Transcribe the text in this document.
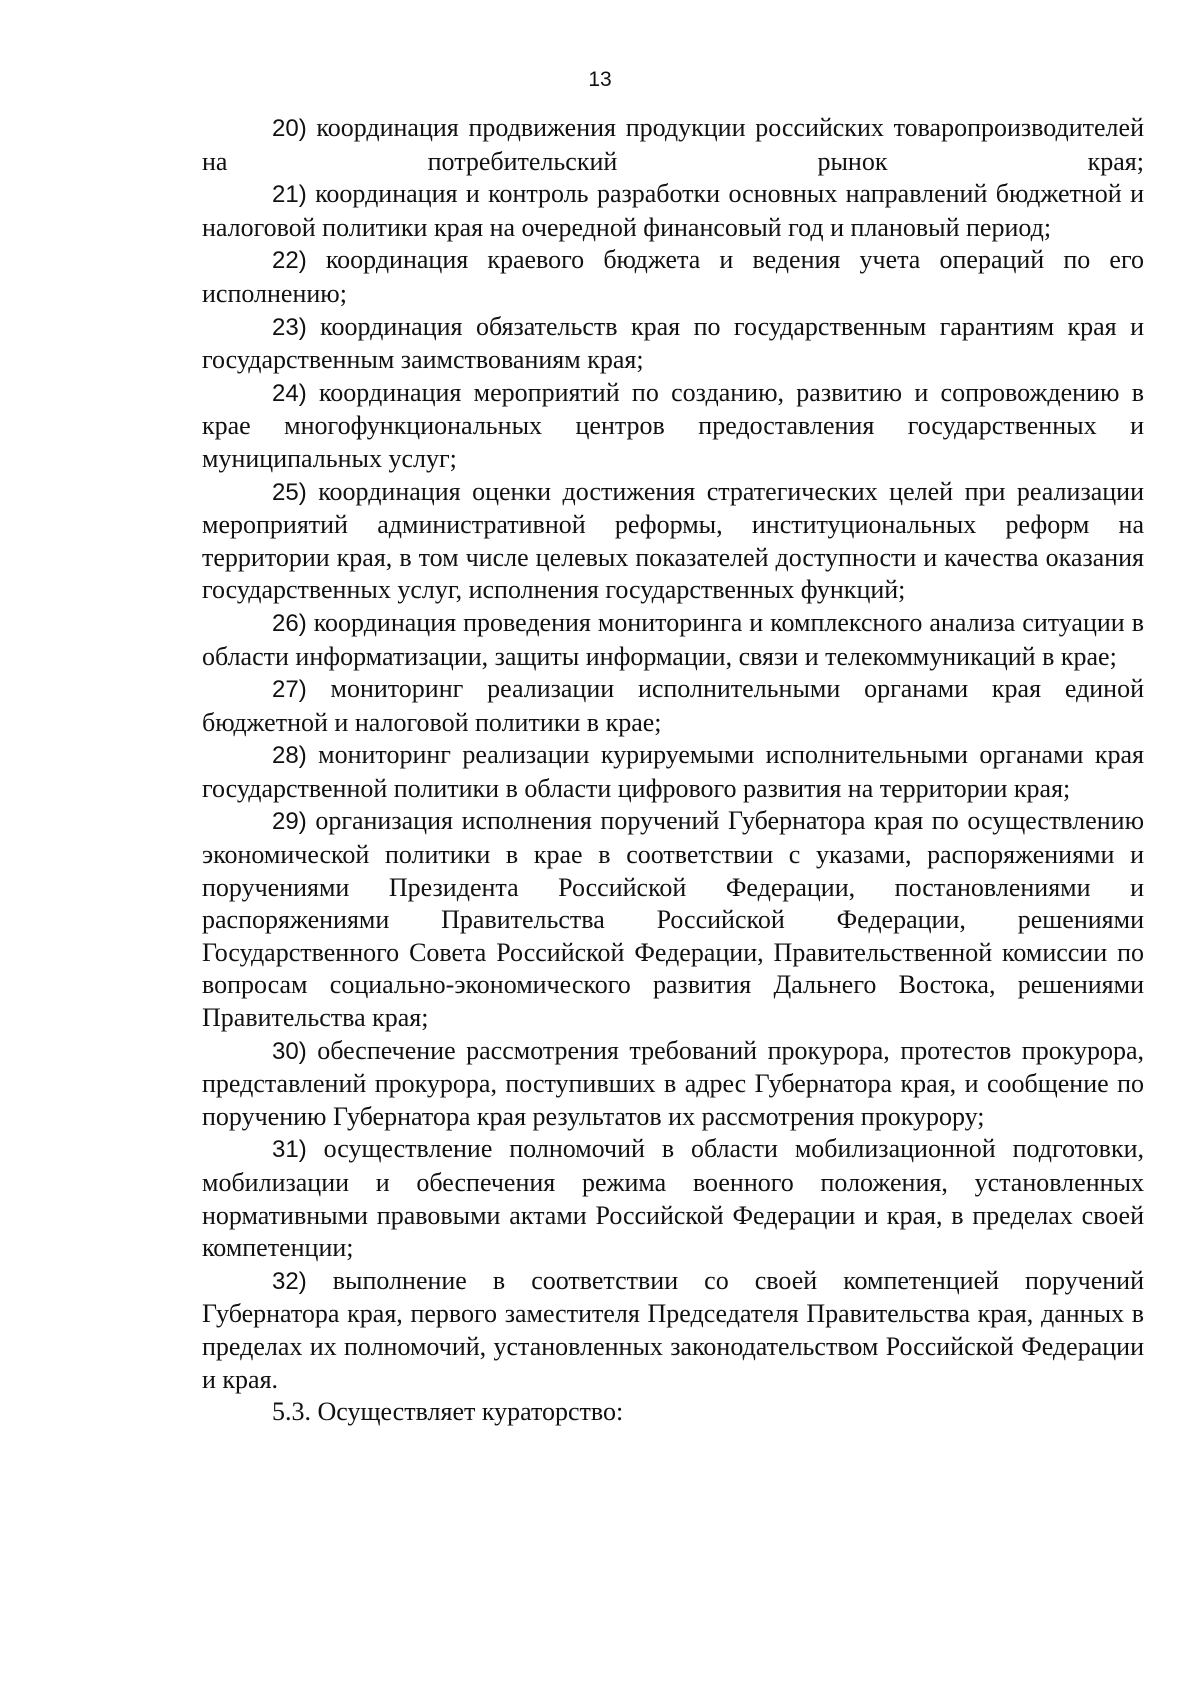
13

20) координация продвижения продукции российских товаропроизводителей на потребительский рынок края;

21) координация и контроль разработки основных направлений бюджетной и налоговой политики края на очередной финансовый год и плановый период;

22) координация краевого бюджета и ведения учета операций по его исполнению;

23) координация обязательств края по государственным гарантиям края и государственным заимствованиям края;

24) координация мероприятий по созданию, развитию и сопровождению в крае многофункциональных центров предоставления государственных и муниципальных услуг;

25) координация оценки достижения стратегических целей при реализации мероприятий административной реформы, институциональных реформ на территории края, в том числе целевых показателей доступности и качества оказания государственных услуг, исполнения государственных функций;

26) координация проведения мониторинга и комплексного анализа ситуации в области информатизации, защиты информации, связи и телекоммуникаций в крае;

27) мониторинг реализации исполнительными органами края единой бюджетной и налоговой политики в крае;

28) мониторинг реализации курируемыми исполнительными органами края государственной политики в области цифрового развития на территории края;

29) организация исполнения поручений Губернатора края по осуществлению экономической политики в крае в соответствии с указами, распоряжениями и поручениями Президента Российской Федерации, постановлениями и распоряжениями Правительства Российской Федерации, решениями Государственного Совета Российской Федерации, Правительственной комиссии по вопросам социально-экономического развития Дальнего Востока, решениями Правительства края;

30) обеспечение рассмотрения требований прокурора, протестов прокурора, представлений прокурора, поступивших в адрес Губернатора края, и сообщение по поручению Губернатора края результатов их рассмотрения прокурору;

31) осуществление полномочий в области мобилизационной подготовки, мобилизации и обеспечения режима военного положения, установленных нормативными правовыми актами Российской Федерации и края, в пределах своей компетенции;

32) выполнение в соответствии со своей компетенцией поручений Губернатора края, первого заместителя Председателя Правительства края, данных в пределах их полномочий, установленных законодательством Российской Федерации и края.

5.3. Осуществляет кураторство:
